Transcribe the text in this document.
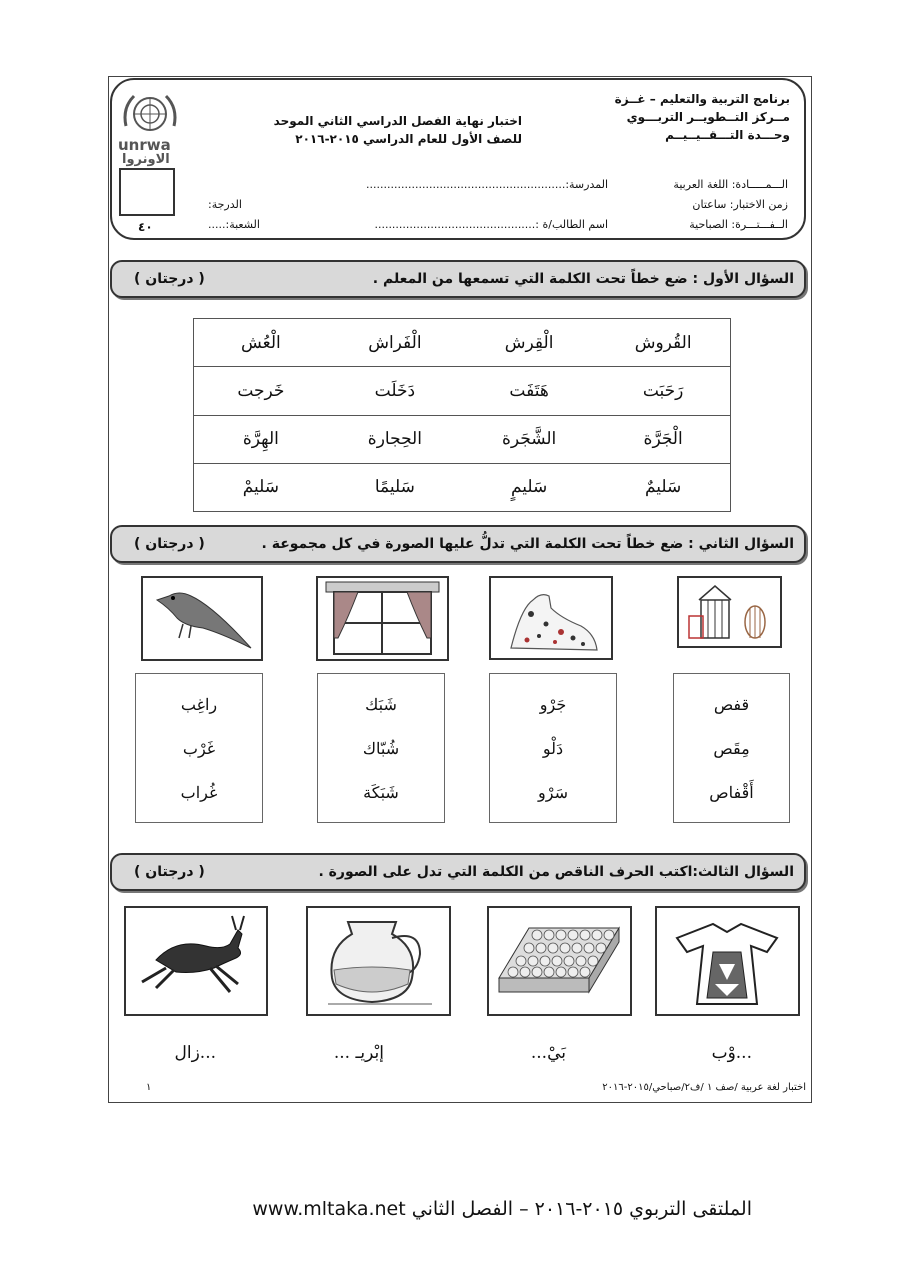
برنامج التربية والتعليم – غــزة
مــركز التــطويــر التربـــوي
وحـــدة التـــقــيــيــم
اختبار نهاية الفصل الدراسي الثاني الموحد
للصف الأول للعام الدراسي ٢٠١٥-٢٠١٦
unrwa
الاونروا
٤٠
الـــمـــــادة: اللغة العربية
زمن الاختبار: ساعتان
الــفـــتـــرة: الصباحية
المدرسة:.........................................................
اسم الطالب/ة :..............................................
الدرجة:
الشعبة:.....
السؤال الأول : ضع خطاً تحت الكلمة التي تسمعها من المعلم .
( درجتان )
القُروش	الْقِرش	الْفَراش	الْعُش
رَحَبَت	هَتَفَت	دَخَلَت	خَرجت
الْجَرَّة	الشَّجَرة	الحِجارة	الهِرَّة
سَليمٌ	سَليمٍ	سَليمًا	سَليمْ
السؤال الثاني : ضع خطاً تحت الكلمة التي تدلُّ عليها الصورة في كل مجموعة .
( درجتان )
قفص
مِقَص
أَقْفاص
جَرْو
دَلْو
سَرْو
شَبَك
شُبّاك
شَبَكَة
راغِب
غَرْب
غُراب
السؤال الثالث:اكتب الحرف الناقص من الكلمة التي تدل على الصورة .
( درجتان )
...وْب
بَيْ...
إبْريـ ...
...زال
اختبار لغة عربية /صف ١ /ف٢/صباحي/٢٠١٥-٢٠١٦
١
الملتقى التربوي ٢٠١٥-٢٠١٦ – الفصل الثاني www.mltaka.net
